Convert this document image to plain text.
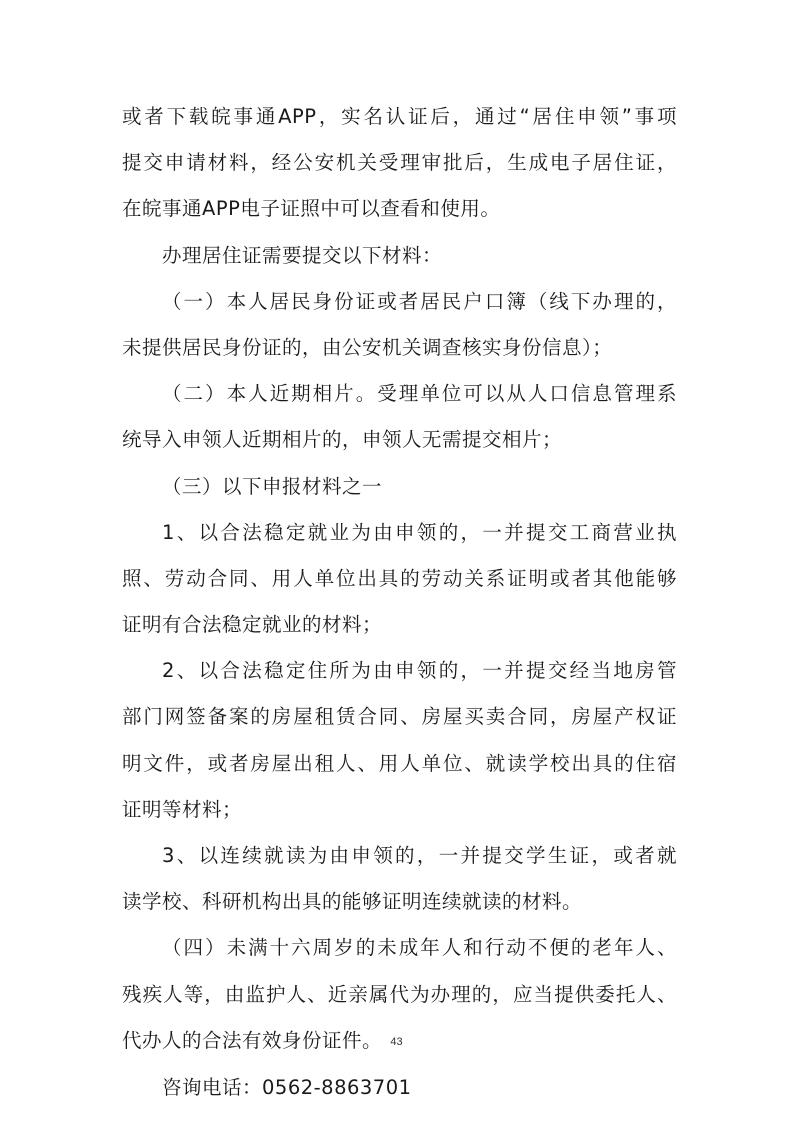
或者下载皖事通APP，实名认证后，通过“居住申领”事项
提交申请材料，经公安机关受理审批后，生成电子居住证，
在皖事通APP电子证照中可以查看和使用。
办理居住证需要提交以下材料：
（一）本人居民身份证或者居民户口簿（线下办理的，
未提供居民身份证的，由公安机关调查核实身份信息）；
（二）本人近期相片。受理单位可以从人口信息管理系
统导入申领人近期相片的，申领人无需提交相片；
（三）以下申报材料之一
1、以合法稳定就业为由申领的，一并提交工商营业执
照、劳动合同、用人单位出具的劳动关系证明或者其他能够
证明有合法稳定就业的材料；
2、以合法稳定住所为由申领的，一并提交经当地房管
部门网签备案的房屋租赁合同、房屋买卖合同，房屋产权证
明文件，或者房屋出租人、用人单位、就读学校出具的住宿
证明等材料；
3、以连续就读为由申领的，一并提交学生证，或者就
读学校、科研机构出具的能够证明连续就读的材料。
（四）未满十六周岁的未成年人和行动不便的老年人、
残疾人等，由监护人、近亲属代为办理的，应当提供委托人、
代办人的合法有效身份证件。
咨询电话：0562-8863701
43
